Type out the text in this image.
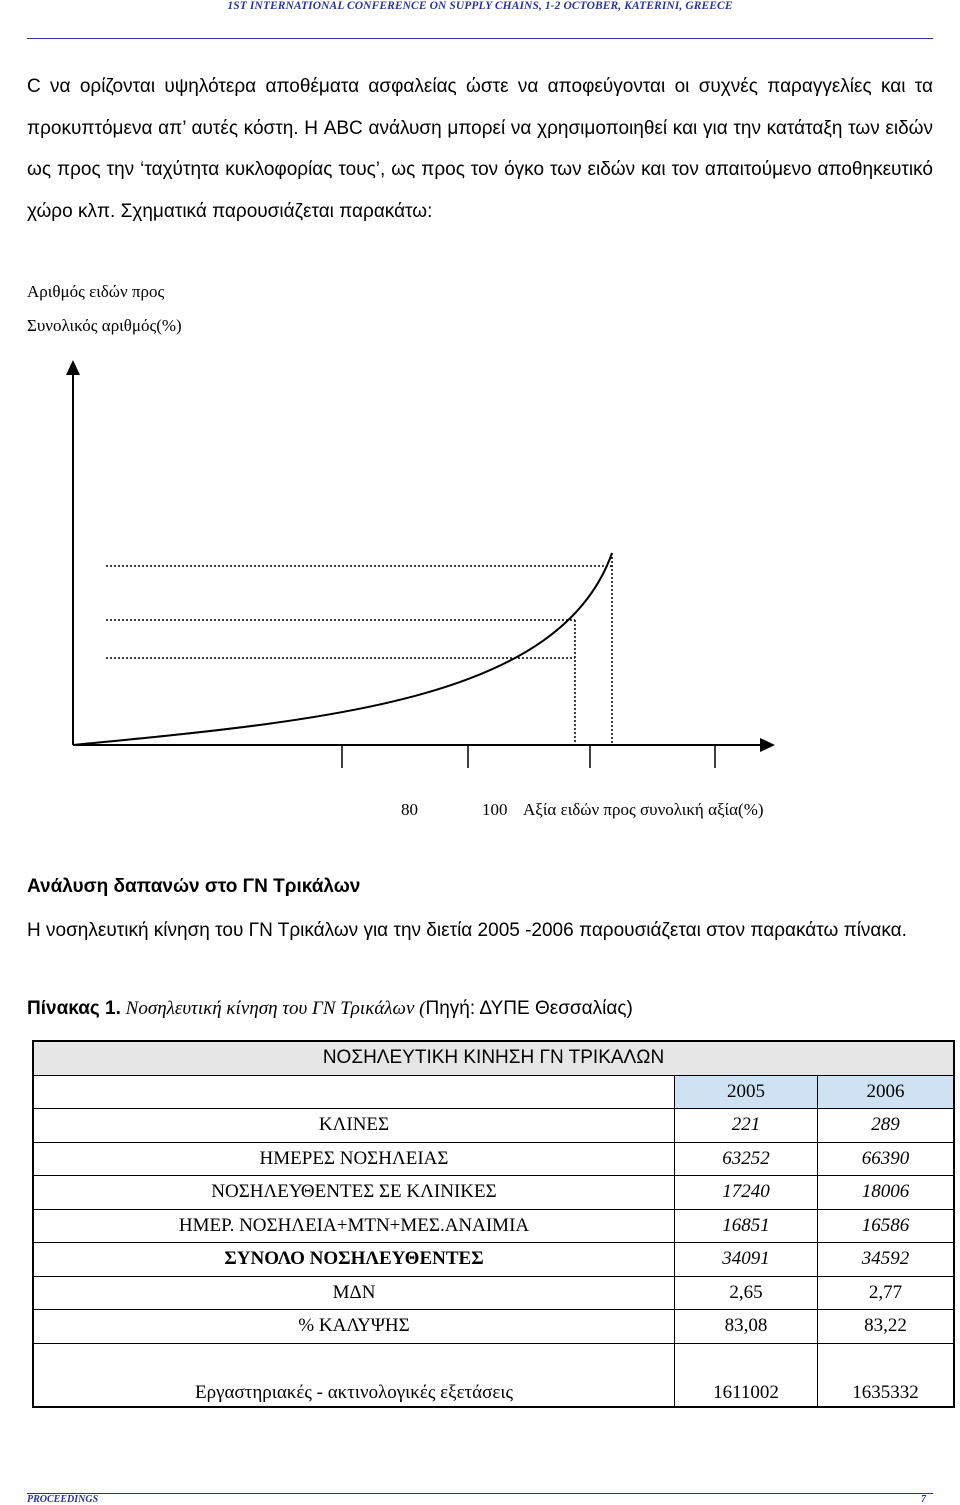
1ST INTERNATIONAL CONFERENCE ON SUPPLY CHAINS, 1-2 OCTOBER, KATERINI, GREECE
C να ορίζονται υψηλότερα αποθέματα ασφαλείας ώστε να αποφεύγονται οι συχνές παραγγελίες και τα προκυπτόμενα απ’ αυτές κόστη. Η ABC ανάλυση μπορεί να χρησιμοποιηθεί και για την κατάταξη των ειδών ως προς την ‘ταχύτητα κυκλοφορίας τους’, ως προς τον όγκο των ειδών και τον απαιτούμενο αποθηκευτικό χώρο κλπ. Σχηματικά παρουσιάζεται παρακάτω:
Αριθμός ειδών προς
Συνολικός αριθμός(%)
80	100 Αξία ειδών προς συνολική αξία(%)
Ανάλυση δαπανών στο ΓΝ Τρικάλων
Η νοσηλευτική κίνηση του ΓΝ Τρικάλων για την διετία 2005 -2006 παρουσιάζεται στον παρακάτω πίνακα.
Πίνακας 1. Νοσηλευτική κίνηση του ΓΝ Τρικάλων (Πηγή: ΔΥΠΕ Θεσσαλίας)
ΝΟΣΗΛΕΥΤΙΚΗ ΚΙΝΗΣΗ ΓΝ ΤΡΙΚΑΛΩΝ		
	2005	2006
ΚΛΙΝΕΣ	221	289
ΗΜΕΡΕΣ ΝΟΣΗΛΕΙΑΣ	63252	66390
ΝΟΣΗΛΕΥΘΕΝΤΕΣ ΣΕ ΚΛΙΝΙΚΕΣ	17240	18006
ΗΜΕΡ. ΝΟΣΗΛΕΙΑ+ΜΤΝ+ΜΕΣ.ΑΝΑΙΜΙΑ	16851	16586
ΣΥΝΟΛΟ ΝΟΣΗΛΕΥΘΕΝΤΕΣ	34091	34592
ΜΔΝ	2,65	2,77
% ΚΑΛΥΨΗΣ	83,08	83,22
Εργαστηριακές - ακτινολογικές εξετάσεις	1611002	1635332
PROCEEDINGS	7
